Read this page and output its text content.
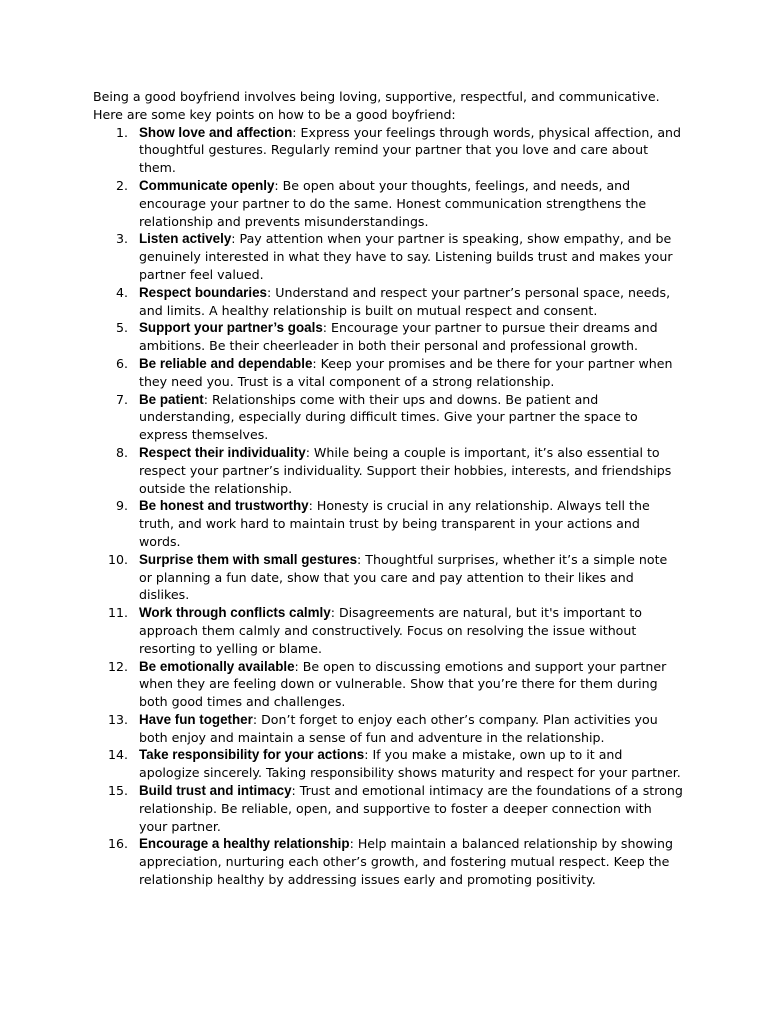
Being a good boyfriend involves being loving, supportive, respectful, and communicative.

Here are some key points on how to be a good boyfriend:

1. Show love and affection: Express your feelings through words, physical affection, and thoughtful gestures. Regularly remind your partner that you love and care about them.
2. Communicate openly: Be open about your thoughts, feelings, and needs, and encourage your partner to do the same. Honest communication strengthens the relationship and prevents misunderstandings.
3. Listen actively: Pay attention when your partner is speaking, show empathy, and be genuinely interested in what they have to say. Listening builds trust and makes your partner feel valued.
4. Respect boundaries: Understand and respect your partner’s personal space, needs, and limits. A healthy relationship is built on mutual respect and consent.
5. Support your partner’s goals: Encourage your partner to pursue their dreams and ambitions. Be their cheerleader in both their personal and professional growth.
6. Be reliable and dependable: Keep your promises and be there for your partner when they need you. Trust is a vital component of a strong relationship.
7. Be patient: Relationships come with their ups and downs. Be patient and understanding, especially during difficult times. Give your partner the space to express themselves.
8. Respect their individuality: While being a couple is important, it’s also essential to respect your partner’s individuality. Support their hobbies, interests, and friendships outside the relationship.
9. Be honest and trustworthy: Honesty is crucial in any relationship. Always tell the truth, and work hard to maintain trust by being transparent in your actions and words.
10. Surprise them with small gestures: Thoughtful surprises, whether it’s a simple note or planning a fun date, show that you care and pay attention to their likes and dislikes.
11. Work through conflicts calmly: Disagreements are natural, but it's important to approach them calmly and constructively. Focus on resolving the issue without resorting to yelling or blame.
12. Be emotionally available: Be open to discussing emotions and support your partner when they are feeling down or vulnerable. Show that you’re there for them during both good times and challenges.
13. Have fun together: Don’t forget to enjoy each other’s company. Plan activities you both enjoy and maintain a sense of fun and adventure in the relationship.
14. Take responsibility for your actions: If you make a mistake, own up to it and apologize sincerely. Taking responsibility shows maturity and respect for your partner.
15. Build trust and intimacy: Trust and emotional intimacy are the foundations of a strong relationship. Be reliable, open, and supportive to foster a deeper connection with your partner.
16. Encourage a healthy relationship: Help maintain a balanced relationship by showing appreciation, nurturing each other’s growth, and fostering mutual respect. Keep the relationship healthy by addressing issues early and promoting positivity.
